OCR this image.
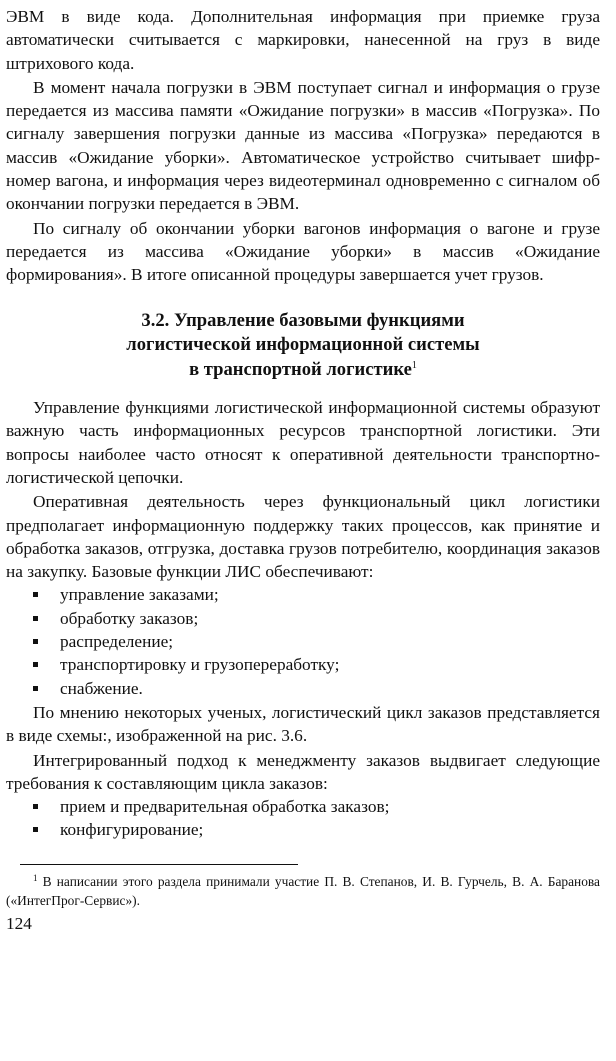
ЭВМ в виде кода. Дополнительная информация при приемке груза автоматически считывается с маркировки, нанесенной на груз в виде штрихового кода.

В момент начала погрузки в ЭВМ поступает сигнал и информация о грузе передается из массива памяти «Ожидание погрузки» в массив «Погрузка». По сигналу завершения погрузки данные из массива «Погрузка» передаются в массив «Ожидание уборки». Автоматическое устройство считывает шифр-номер вагона, и информация через видеотерминал одновременно с сигналом об окончании погрузки передается в ЭВМ.

По сигналу об окончании уборки вагонов информация о вагоне и грузе передается из массива «Ожидание уборки» в массив «Ожидание формирования». В итоге описанной процедуры завершается учет грузов.

3.2. Управление базовыми функциями
логистической информационной системы
в транспортной логистике$^1$

Управление функциями логистической информационной системы образуют важную часть информационных ресурсов транспортной логистики. Эти вопросы наиболее часто относят к оперативной деятельности транспортно-логистической цепочки.

Оперативная деятельность через функциональный цикл логистики предполагает информационную поддержку таких процессов, как принятие и обработка заказов, отгрузка, доставка грузов потребителю, координация заказов на закупку. Базовые функции ЛИС обеспечивают:

управление заказами;
обработку заказов;
распределение;
транспортировку и грузопереработку;
снабжение.

По мнению некоторых ученых, логистический цикл заказов представляется в виде схемы:, изображенной на рис. 3.6.

Интегрированный подход к менеджменту заказов выдвигает следующие требования к составляющим цикла заказов:

прием и предварительная обработка заказов;
конфигурирование;

$^1$ В написании этого раздела принимали участие П. В. Степанов, И. В. Гурчель, В. А. Баранова («ИнтегПрог-Сервис»).

124
